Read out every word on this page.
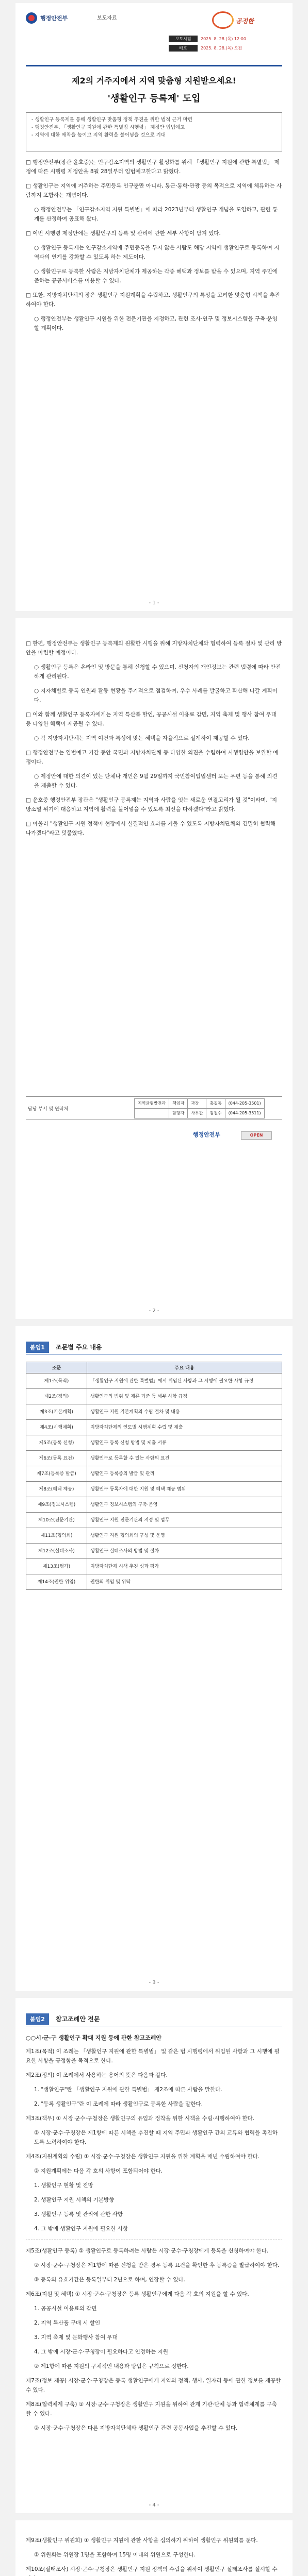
행정안전부	보도자료	공정한
보도시점	2025. 8. 28.(목) 12:00
배포	2025. 8. 28.(목) 오전
제2의 거주지에서 지역 맞춤형 지원받으세요!
'생활인구 등록제' 도입
- 생활인구 등록제를 통해 생활인구 맞춤형 정책 추진을 위한 법적 근거 마련
- 행정안전부, 「생활인구 지원에 관한 특별법 시행령」 제정안 입법예고
- 지역에 대한 애착을 높이고 지역 활력을 불어넣을 것으로 기대

□ 행정안전부(장관 윤호중)는 인구감소지역의 생활인구 활성화를 위해 「생활인구 지원에 관한 특별법」 제정에 따른 시행령 제정안을 8월 28일부터 입법예고한다고 밝혔다.

□ 생활인구는 지역에 거주하는 주민등록 인구뿐만 아니라, 통근·통학·관광 등의 목적으로 지역에 체류하는 사람까지 포함하는 개념이다.

○ 행정안전부는 「인구감소지역 지원 특별법」에 따라 2023년부터 생활인구 개념을 도입하고, 관련 통계를 산정하여 공표해 왔다.

□ 이번 시행령 제정안에는 생활인구의 등록 및 관리에 관한 세부 사항이 담겨 있다.

○ 생활인구 등록제는 인구감소지역에 주민등록을 두지 않은 사람도 해당 지역에 생활인구로 등록하여 지역과의 연계를 강화할 수 있도록 하는 제도이다.

○ 생활인구로 등록한 사람은 지방자치단체가 제공하는 각종 혜택과 정보를 받을 수 있으며, 지역 주민에 준하는 공공서비스를 이용할 수 있다.

□ 또한, 지방자치단체의 장은 생활인구 지원계획을 수립하고, 생활인구의 특성을 고려한 맞춤형 시책을 추진하여야 한다.

○ 행정안전부는 생활인구 지원을 위한 전문기관을 지정하고, 관련 조사·연구 및 정보시스템을 구축·운영할 계획이다.

- 1 -

□ 한편, 행정안전부는 생활인구 등록제의 원활한 시행을 위해 지방자치단체와 협력하여 등록 절차 및 관리 방안을 마련할 예정이다.

○ 생활인구 등록은 온라인 및 방문을 통해 신청할 수 있으며, 신청자의 개인정보는 관련 법령에 따라 안전하게 관리된다.

○ 지자체별로 등록 인원과 활동 현황을 주기적으로 점검하여, 우수 사례를 발굴하고 확산해 나갈 계획이다.

□ 이와 함께 생활인구 등록자에게는 지역 특산품 할인, 공공시설 이용료 감면, 지역 축제 및 행사 참여 우대 등 다양한 혜택이 제공될 수 있다.

○ 각 지방자치단체는 지역 여건과 특성에 맞는 혜택을 자율적으로 설계하여 제공할 수 있다.

□ 행정안전부는 입법예고 기간 동안 국민과 지방자치단체 등 다양한 의견을 수렴하여 시행령안을 보완할 예정이다.

○ 제정안에 대한 의견이 있는 단체나 개인은 9월 29일까지 국민참여입법센터 또는 우편 등을 통해 의견을 제출할 수 있다.

□ 윤호중 행정안전부 장관은 "생활인구 등록제는 지역과 사람을 잇는 새로운 연결고리가 될 것"이라며, "지방소멸 위기에 대응하고 지역에 활력을 불어넣을 수 있도록 최선을 다하겠다"라고 밝혔다.

□ 아울러 "생활인구 지원 정책이 현장에서 실질적인 효과를 거둘 수 있도록 지방자치단체와 긴밀히 협력해 나가겠다"라고 덧붙였다.

담당 부서 및 연락처
지역균형발전과	책임자	과장	홍길동	(044-205-3501)
	담당자	사무관	김철수	(044-205-3511)
행정안전부	OPEN
- 2 -
붙임1 조문별 주요 내용
조문	주요 내용
제1조(목적)	「생활인구 지원에 관한 특별법」에서 위임된 사항과 그 시행에 필요한 사항 규정
제2조(정의)	생활인구의 범위 및 체류 기준 등 세부 사항 규정
제3조(기본계획)	생활인구 지원 기본계획의 수립 절차 및 내용
제4조(시행계획)	지방자치단체의 연도별 시행계획 수립 및 제출
제5조(등록 신청)	생활인구 등록 신청 방법 및 제출 서류
제6조(등록 요건)	생활인구로 등록할 수 있는 사람의 요건
제7조(등록증 발급)	생활인구 등록증의 발급 및 관리
제8조(혜택 제공)	생활인구 등록자에 대한 지원 및 혜택 제공 범위
제9조(정보시스템)	생활인구 정보시스템의 구축·운영
제10조(전문기관)	생활인구 지원 전문기관의 지정 및 업무
제11조(협의회)	생활인구 지원 협의회의 구성 및 운영
제12조(실태조사)	생활인구 실태조사의 방법 및 절차
제13조(평가)	지방자치단체 시책 추진 성과 평가
제14조(권한 위임)	권한의 위임 및 위탁
- 3 -
붙임2 참고조례안 전문
○○시·군·구 생활인구 확대 지원 등에 관한 참고조례안

제1조(목적) 이 조례는 「생활인구 지원에 관한 특별법」 및 같은 법 시행령에서 위임된 사항과 그 시행에 필요한 사항을 규정함을 목적으로 한다.

제2조(정의) 이 조례에서 사용하는 용어의 뜻은 다음과 같다.

1. "생활인구"란 「생활인구 지원에 관한 특별법」 제2조에 따른 사람을 말한다.

2. "등록 생활인구"란 이 조례에 따라 생활인구로 등록한 사람을 말한다.

제3조(책무) ① 시장·군수·구청장은 생활인구의 유입과 정착을 위한 시책을 수립·시행하여야 한다.

② 시장·군수·구청장은 제1항에 따른 시책을 추진할 때 지역 주민과 생활인구 간의 교류와 협력을 촉진하도록 노력하여야 한다.

제4조(지원계획의 수립) ① 시장·군수·구청장은 생활인구 지원을 위한 계획을 매년 수립하여야 한다.

② 지원계획에는 다음 각 호의 사항이 포함되어야 한다.

1. 생활인구 현황 및 전망

2. 생활인구 지원 시책의 기본방향

3. 생활인구 등록 및 관리에 관한 사항

4. 그 밖에 생활인구 지원에 필요한 사항

제5조(생활인구 등록) ① 생활인구로 등록하려는 사람은 시장·군수·구청장에게 등록을 신청하여야 한다.

② 시장·군수·구청장은 제1항에 따른 신청을 받은 경우 등록 요건을 확인한 후 등록증을 발급하여야 한다.

③ 등록의 유효기간은 등록일부터 2년으로 하며, 연장할 수 있다.

제6조(지원 및 혜택) ① 시장·군수·구청장은 등록 생활인구에게 다음 각 호의 지원을 할 수 있다.

1. 공공시설 이용료의 감면

2. 지역 특산품 구매 시 할인

3. 지역 축제 및 문화행사 참여 우대

4. 그 밖에 시장·군수·구청장이 필요하다고 인정하는 지원

② 제1항에 따른 지원의 구체적인 내용과 방법은 규칙으로 정한다.

제7조(정보 제공) 시장·군수·구청장은 등록 생활인구에게 지역의 정책, 행사, 일자리 등에 관한 정보를 제공할 수 있다.

제8조(협력체계 구축) ① 시장·군수·구청장은 생활인구 지원을 위하여 관계 기관·단체 등과 협력체계를 구축할 수 있다.

② 시장·군수·구청장은 다른 지방자치단체와 생활인구 관련 공동사업을 추진할 수 있다.

- 4 -

제9조(생활인구 위원회) ① 생활인구 지원에 관한 사항을 심의하기 위하여 생활인구 위원회를 둔다.

② 위원회는 위원장 1명을 포함하여 15명 이내의 위원으로 구성한다.

제10조(실태조사) 시장·군수·구청장은 생활인구 지원 정책의 수립을 위하여 생활인구 실태조사를 실시할 수
